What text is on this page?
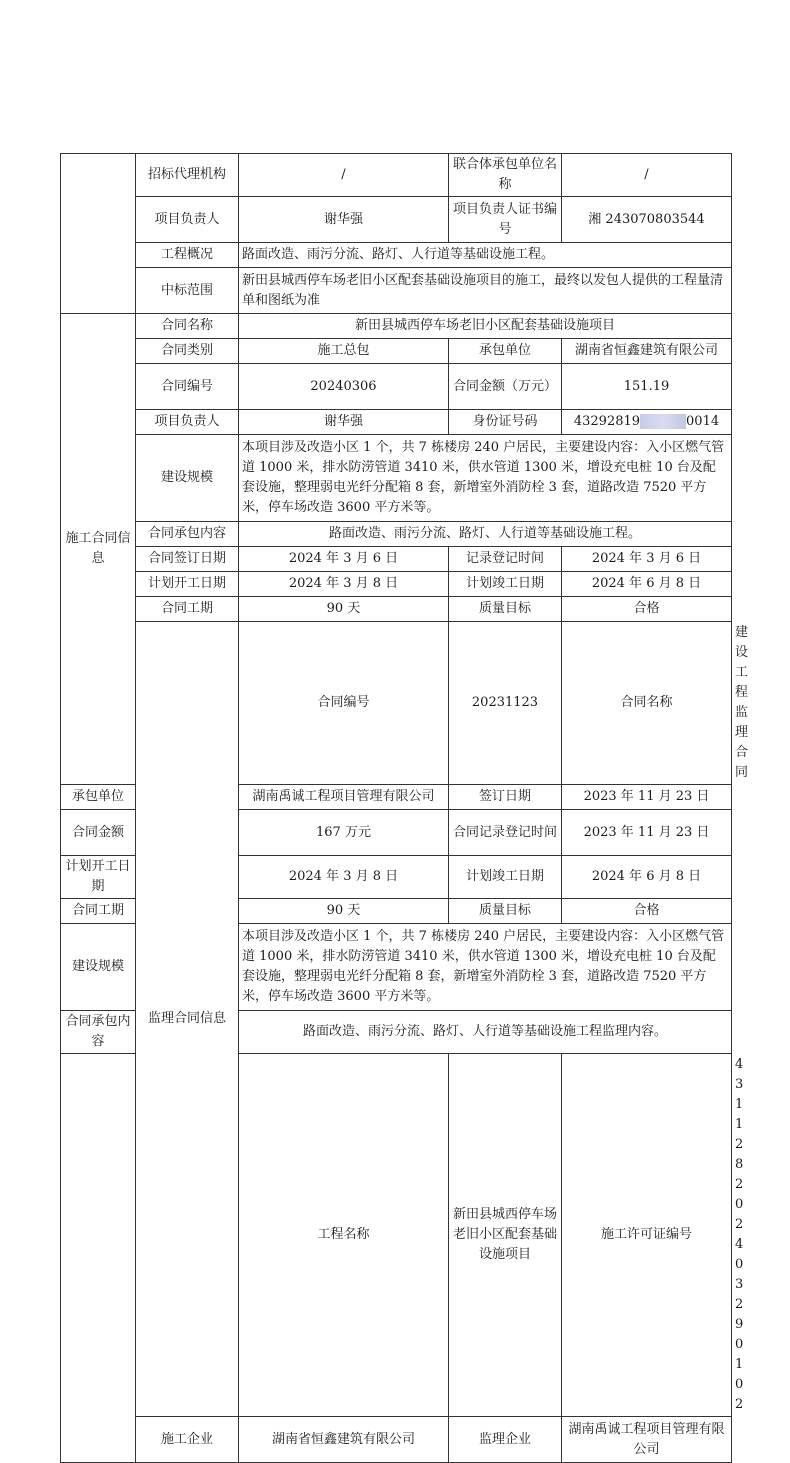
	招标代理机构	/	联合体承包单位名称	/	
	项目负责人	谢华强	项目负责人证书编号	湘 243070803544	
	工程概况	路面改造、雨污分流、路灯、人行道等基础设施工程。			
	中标范围	新田县城西停车场老旧小区配套基础设施项目的施工，最终以发包人提供的工程量清单和图纸为准			
施工合同信息	合同名称	新田县城西停车场老旧小区配套基础设施项目			
	合同类别	施工总包	承包单位	湖南省恒鑫建筑有限公司	
	合同编号	20240306	合同金额（万元）	151.19	
	项目负责人	谢华强	身份证号码	43292819 0014	
	建设规模	本项目涉及改造小区 1 个，共 7 栋楼房 240 户居民，主要建设内容：入小区燃气管道 1000 米，排水防涝管道 3410 米，供水管道 1300 米，增设充电桩 10 台及配套设施，整理弱电光纤分配箱 8 套，新增室外消防栓 3 套，道路改造 7520 平方米，停车场改造 3600 平方米等。			
	合同承包内容	路面改造、雨污分流、路灯、人行道等基础设施工程。			
	合同签订日期	2024 年 3 月 6 日	记录登记时间	2024 年 3 月 6 日	
	计划开工日期	2024 年 3 月 8 日	计划竣工日期	2024 年 6 月 8 日	
	合同工期	90 天	质量目标	合格	
	监理合同信息	合同编号	20231123	合同名称	建设工程监理合同
承包单位		湖南禹诚工程项目管理有限公司	签订日期	2023 年 11 月 23 日	
合同金额		167 万元	合同记录登记时间	2023 年 11 月 23 日	
计划开工日期		2024 年 3 月 8 日	计划竣工日期	2024 年 6 月 8 日	
合同工期		90 天	质量目标	合格	
建设规模		本项目涉及改造小区 1 个，共 7 栋楼房 240 户居民，主要建设内容：入小区燃气管道 1000 米，排水防涝管道 3410 米，供水管道 1300 米，增设充电桩 10 台及配套设施，整理弱电光纤分配箱 8 套，新增室外消防栓 3 套，道路改造 7520 平方米，停车场改造 3600 平方米等。			
合同承包内容		路面改造、雨污分流、路灯、人行道等基础设施工程监理内容。			
		工程名称	新田县城西停车场老旧小区配套基础设施项目	施工许可证编号	431128202403290102
	施工企业	湖南省恒鑫建筑有限公司	监理企业	湖南禹诚工程项目管理有限公司	
